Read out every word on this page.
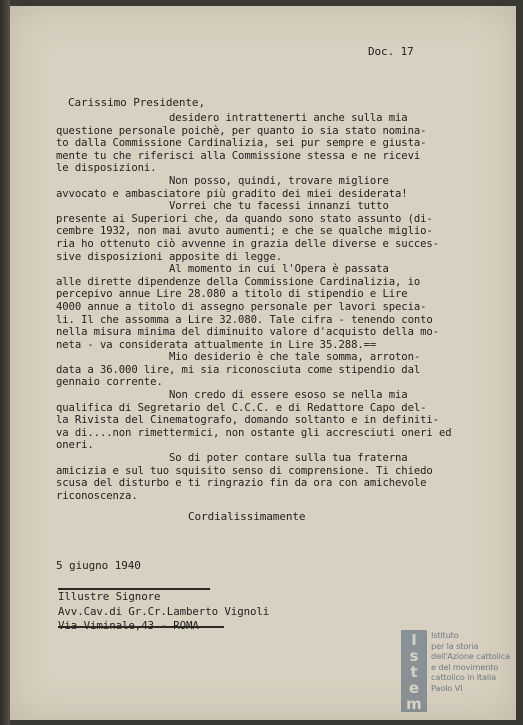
Doc. 17

Carissimo Presidente,

desidero intrattenerti anche sulla mia
questione personale poichè, per quanto io sia stato nomina-
to dalla Commissione Cardinalizia, sei pur sempre e giusta-
mente tu che riferisci alla Commissione stessa e ne ricevi
le disposizioni.
Non posso, quindi, trovare migliore
avvocato e ambasciatore più gradito dei miei desiderata!
Vorrei che tu facessi innanzi tutto
presente ai Superiori che, da quando sono stato assunto (di-
cembre 1932, non mai avuto aumenti; e che se qualche miglio-
ria ho ottenuto ciò avvenne in grazia delle diverse e succes-
sive disposizioni apposite di legge.
Al momento in cui l'Opera è passata
alle dirette dipendenze della Commissione Cardinalizia, io
percepivo annue Lire 28.080 a titolo di stipendio e Lire
4000 annue a titolo di assegno personale per lavori specia-
li. Il che assomma a Lire 32.080. Tale cifra - tenendo conto
nella misura minima del diminuito valore d'acquisto della mo-
neta - va considerata attualmente in Lire 35.288.==
Mio desiderio è che tale somma, arroton-
data a 36.000 lire, mi sia riconosciuta come stipendio dal
gennaio corrente.
Non credo di essere esoso se nella mia
qualifica di Segretario del C.C.C. e di Redattore Capo del-
la Rivista del Cinematografo, domando soltanto e in definiti-
va di....non rimettermici, non ostante gli accresciuti oneri ed
oneri.
So di poter contare sulla tua fraterna
amicizia e sul tuo squisito senso di comprensione. Ti chiedo
scusa del disturbo e ti ringrazio fin da ora con amichevole
riconoscenza.

Cordialissimamente

5 giugno 1940

Illustre Signore
Avv.Cav.di Gr.Cr.Lamberto Vignoli

I
s
t
e
m
Istituto
per la storia
dell'Azione cattolica
e del movimento
cattolico in Italia
Paolo VI
